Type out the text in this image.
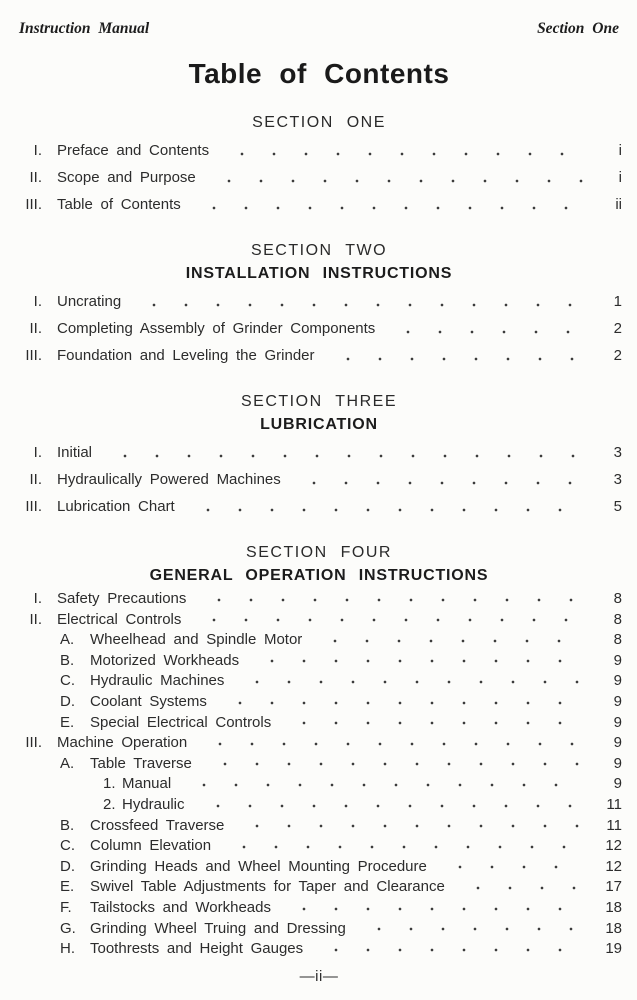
Instruction Manual	Section One
Table of Contents
SECTION ONE
I. Preface and Contents	i
II. Scope and Purpose	i
III. Table of Contents	ii
SECTION TWO
INSTALLATION INSTRUCTIONS
I. Uncrating	1
II. Completing Assembly of Grinder Components	2
III. Foundation and Leveling the Grinder	2
SECTION THREE
LUBRICATION
I. Initial	3
II. Hydraulically Powered Machines	3
III. Lubrication Chart	5
SECTION FOUR
GENERAL OPERATION INSTRUCTIONS
I. Safety Precautions	8
II. Electrical Controls	8
A.	Wheelhead and Spindle Motor	8
B.	Motorized Workheads	9
C.	Hydraulic Machines	9
D.	Coolant Systems	9
E.	Special Electrical Controls	9
III. Machine Operation	9
A.	Table Traverse	9
1. Manual	9
2. Hydraulic	11
B.	Crossfeed Traverse	11
C.	Column Elevation	12
D.	Grinding Heads and Wheel Mounting Procedure	12
E.	Swivel Table Adjustments for Taper and Clearance	17
F.	Tailstocks and Workheads	18
G. Grinding Wheel Truing and Dressing	18
H.	Toothrests and Height Gauges	19
—ii—
